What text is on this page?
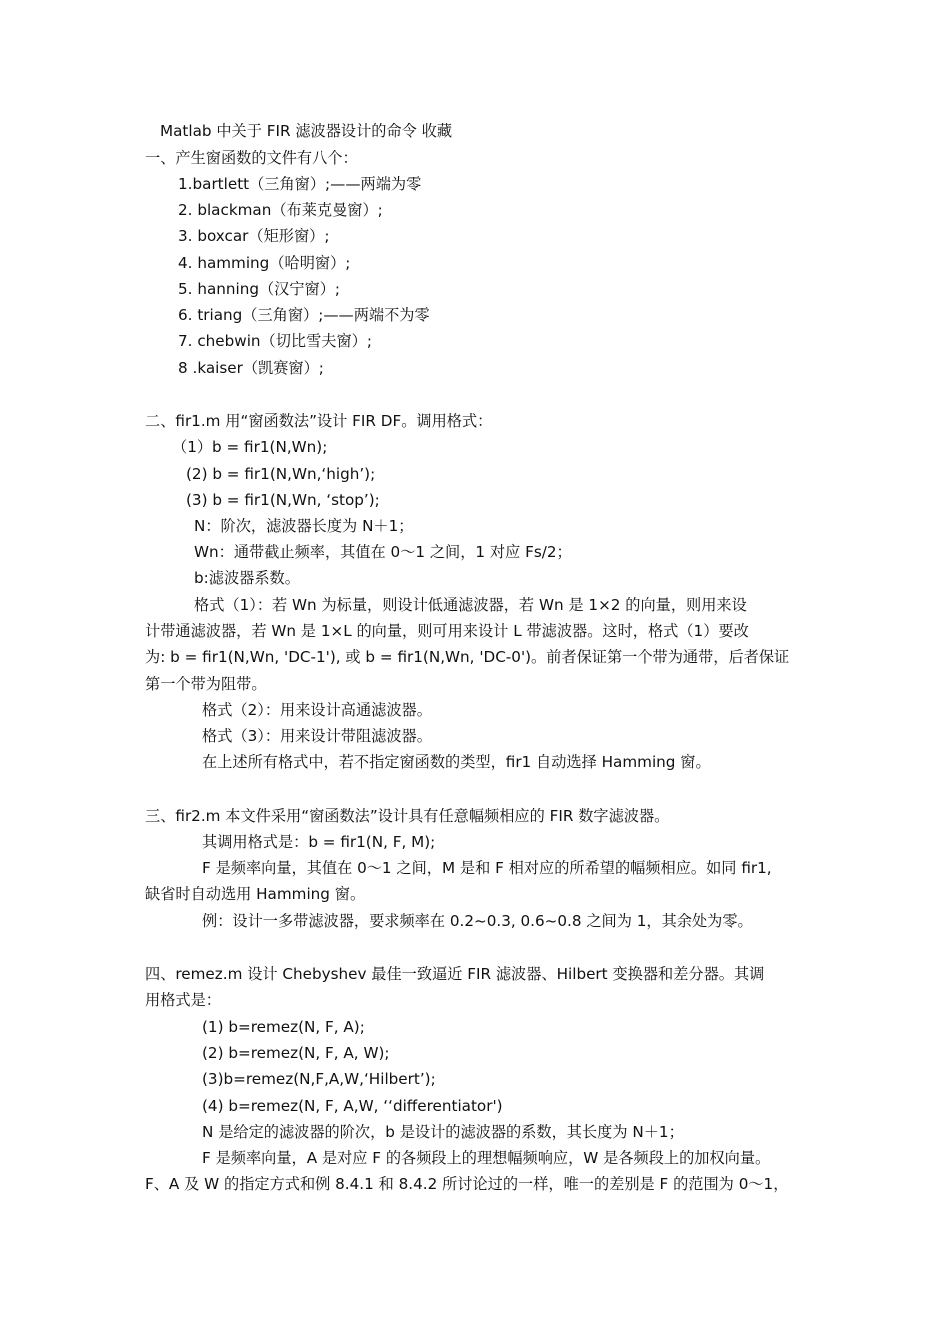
Matlab 中关于 FIR 滤波器设计的命令 收藏
一、产生窗函数的文件有八个：
1.bartlett（三角窗）;——两端为零
2. blackman（布莱克曼窗）;
3. boxcar（矩形窗）;
4. hamming（哈明窗）;
5. hanning（汉宁窗）;
6. triang（三角窗）;——两端不为零
7. chebwin（切比雪夫窗）;
8 .kaiser（凯赛窗）;
二、fir1.m 用“窗函数法”设计 FIR DF。调用格式：
（1）b = fir1(N,Wn);
(2) b = fir1(N,Wn,‘high’);
(3) b = fir1(N,Wn, ‘stop’);
N：阶次，滤波器长度为 N＋1；
Wn：通带截止频率，其值在 0～1 之间，1 对应 Fs/2；
b:滤波器系数。
格式（1）：若 Wn 为标量，则设计低通滤波器，若 Wn 是 1×2 的向量，则用来设
计带通滤波器，若 Wn 是 1×L 的向量，则可用来设计 L 带滤波器。这时，格式（1）要改
为: b = fir1(N,Wn, 'DC-1'), 或 b = fir1(N,Wn, 'DC-0')。前者保证第一个带为通带，后者保证
第一个带为阻带。
格式（2）：用来设计高通滤波器。
格式（3）：用来设计带阻滤波器。
在上述所有格式中，若不指定窗函数的类型，fir1 自动选择 Hamming 窗。
三、fir2.m 本文件采用“窗函数法”设计具有任意幅频相应的 FIR 数字滤波器。
其调用格式是：b = fir1(N, F, M);
F 是频率向量，其值在 0～1 之间，M 是和 F 相对应的所希望的幅频相应。如同 fir1,
缺省时自动选用 Hamming 窗。
例：设计一多带滤波器，要求频率在 0.2~0.3, 0.6~0.8 之间为 1，其余处为零。
四、remez.m 设计 Chebyshev 最佳一致逼近 FIR 滤波器、Hilbert 变换器和差分器。其调
用格式是：
(1) b=remez(N, F, A);
(2) b=remez(N, F, A, W);
(3)b=remez(N,F,A,W,‘Hilbert’);
(4) b=remez(N, F, A,W, ‘‘differentiator')
N 是给定的滤波器的阶次，b 是设计的滤波器的系数，其长度为 N＋1；
F 是频率向量，A 是对应 F 的各频段上的理想幅频响应，W 是各频段上的加权向量。
F、A 及 W 的指定方式和例 8.4.1 和 8.4.2 所讨论过的一样，唯一的差别是 F 的范围为 0～1，
